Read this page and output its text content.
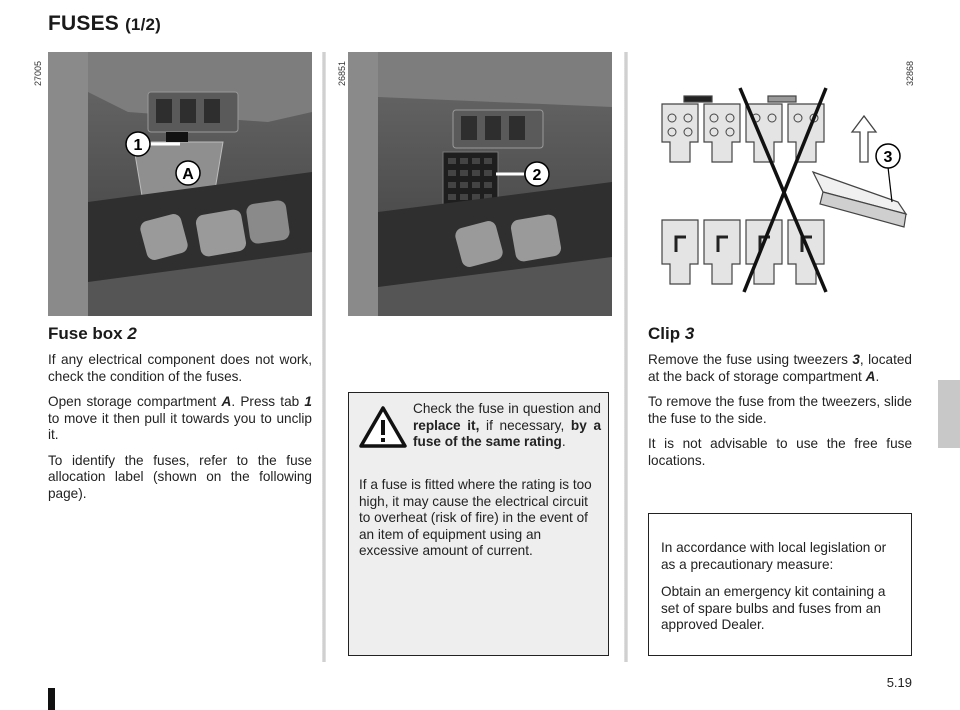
FUSES (1/2)
1
A
27005
2
26851
3
32868
Fuse box 2

If any electrical component does not work, check the condition of the fuses.

Open storage compartment A. Press tab 1 to move it then pull it towards you to unclip it.

To identify the fuses, refer to the fuse allocation label (shown on the following page).

Check the fuse in question and replace it, if necessary, by a fuse of the same rating.

If a fuse is fitted where the rating is too high, it may cause the electrical circuit to overheat (risk of fire) in the event of an item of equipment using an excessive amount of current.

Clip 3

Remove the fuse using tweezers 3, located at the back of storage compartment A.

To remove the fuse from the tweezers, slide the fuse to the side.

It is not advisable to use the free fuse locations.

In accordance with local legislation or as a precautionary measure:

Obtain an emergency kit containing a set of spare bulbs and fuses from an approved Dealer.

5.19
